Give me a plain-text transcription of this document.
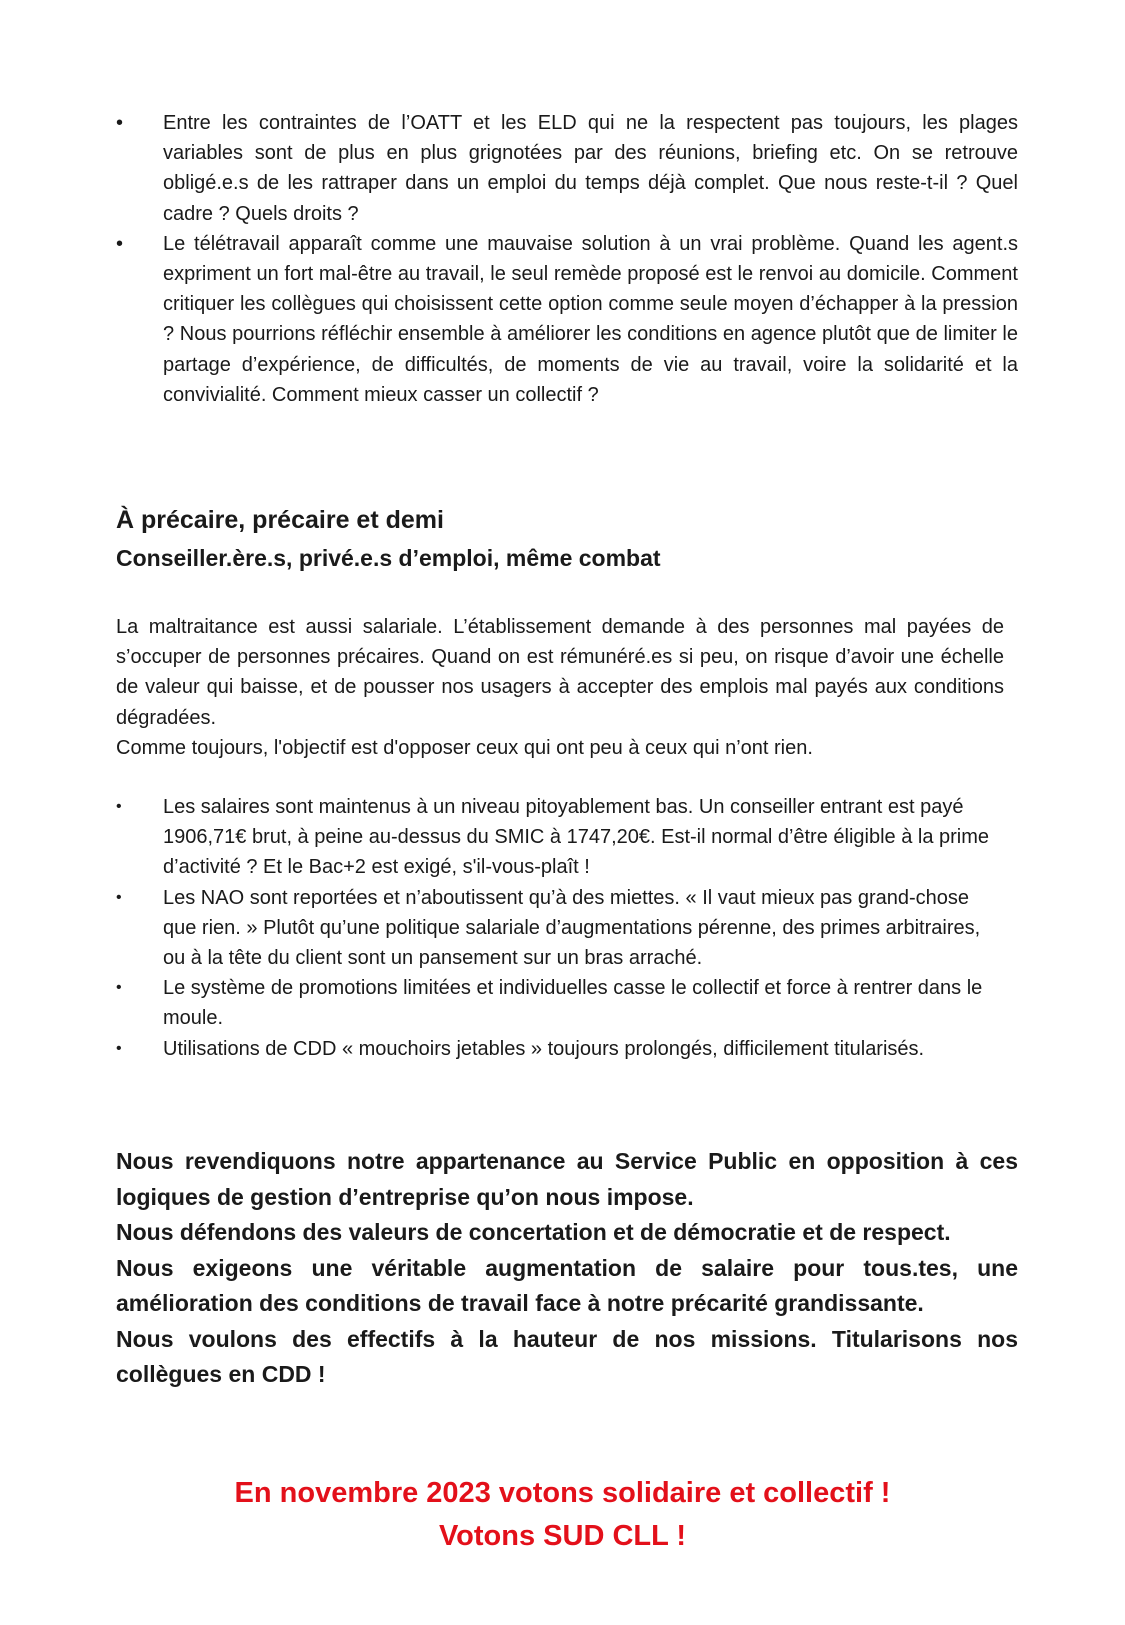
• Entre les contraintes de l’OATT et les ELD qui ne la respectent pas toujours, les plages variables sont de plus en plus grignotées par des réunions, briefing etc. On se retrouve obligé.e.s de les rattraper dans un emploi du temps déjà complet. Que nous reste-t-il ? Quel cadre ? Quels droits ?
• Le télétravail apparaît comme une mauvaise solution à un vrai problème. Quand les agent.s expriment un fort mal-être au travail, le seul remède proposé est le renvoi au domicile. Comment critiquer les collègues qui choisissent cette option comme seule moyen d’échapper à la pression ? Nous pourrions réfléchir ensemble à améliorer les conditions en agence plutôt que de limiter le partage d’expérience, de difficultés, de moments de vie au travail, voire la solidarité et la convivialité. Comment mieux casser un collectif ?
À précaire, précaire et demi
Conseiller.ère.s, privé.e.s d’emploi, même combat

La maltraitance est aussi salariale. L’établissement demande à des personnes mal payées de s’occuper de personnes précaires. Quand on est rémunéré.es si peu, on risque d’avoir une échelle de valeur qui baisse, et de pousser nos usagers à accepter des emplois mal payés aux conditions dégradées.

Comme toujours, l'objectif est d'opposer ceux qui ont peu à ceux qui n’ont rien.

• Les salaires sont maintenus à un niveau pitoyablement bas. Un conseiller entrant est payé 1906,71€ brut, à peine au-dessus du SMIC à 1747,20€. Est-il normal d’être éligible à la prime d’activité ? Et le Bac+2 est exigé, s'il-vous-plaît !
• Les NAO sont reportées et n’aboutissent qu’à des miettes. « Il vaut mieux pas grand-chose que rien. » Plutôt qu’une politique salariale d’augmentations pérenne, des primes arbitraires, ou à la tête du client sont un pansement sur un bras arraché.
• Le système de promotions limitées et individuelles casse le collectif et force à rentrer dans le moule.
• Utilisations de CDD « mouchoirs jetables » toujours prolongés, difficilement titularisés.

Nous revendiquons notre appartenance au Service Public en opposition à ces logiques de gestion d’entreprise qu’on nous impose.

Nous défendons des valeurs de concertation et de démocratie et de respect.

Nous exigeons une véritable augmentation de salaire pour tous.tes, une amélioration des conditions de travail face à notre précarité grandissante.

Nous voulons des effectifs à la hauteur de nos missions. Titularisons nos collègues en CDD !

En novembre 2023 votons solidaire et collectif !

Votons SUD CLL !
